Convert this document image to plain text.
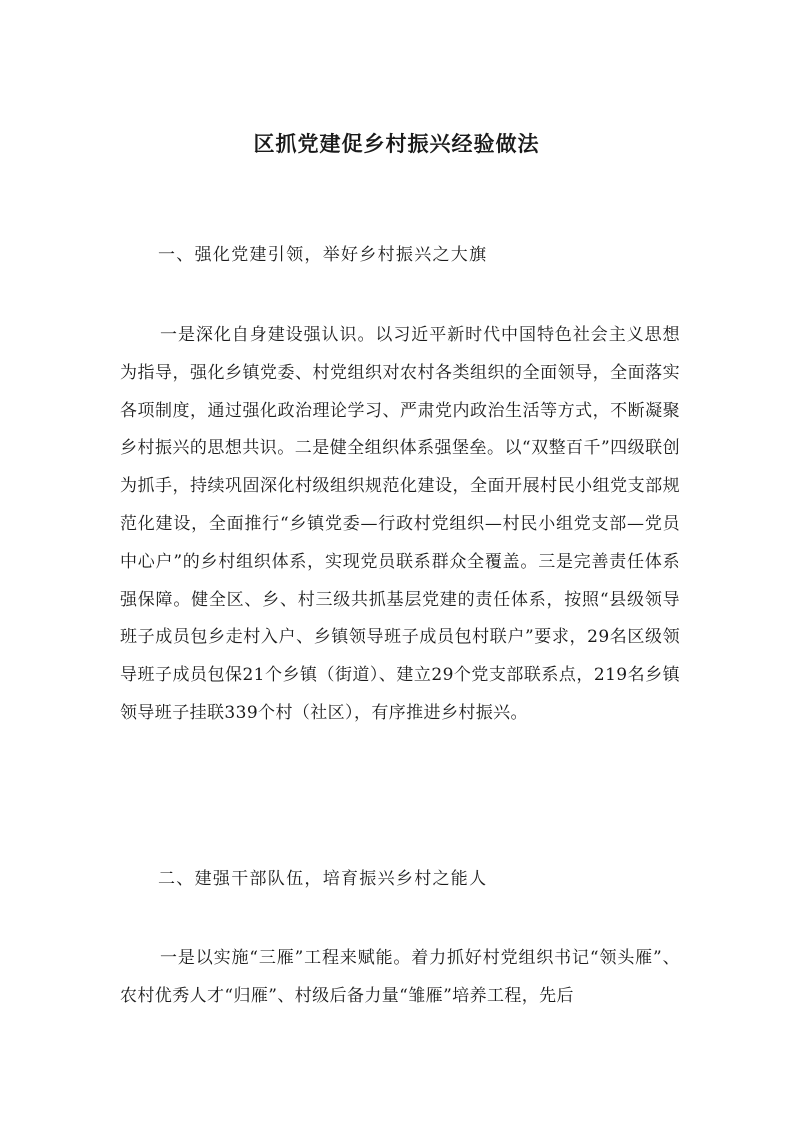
区抓党建促乡村振兴经验做法
一、强化党建引领，举好乡村振兴之大旗

一是深化自身建设强认识。以习近平新时代中国特色社会主义思想为指导，强化乡镇党委、村党组织对农村各类组织的全面领导，全面落实各项制度，通过强化政治理论学习、严肃党内政治生活等方式，不断凝聚乡村振兴的思想共识。二是健全组织体系强堡垒。以“双整百千”四级联创为抓手，持续巩固深化村级组织规范化建设，全面开展村民小组党支部规范化建设，全面推行“乡镇党委—行政村党组织—村民小组党支部—党员中心户”的乡村组织体系，实现党员联系群众全覆盖。三是完善责任体系强保障。健全区、乡、村三级共抓基层党建的责任体系，按照“县级领导班子成员包乡走村入户、乡镇领导班子成员包村联户”要求，29名区级领导班子成员包保21个乡镇（街道）、建立29个党支部联系点，219名乡镇领导班子挂联339个村（社区），有序推进乡村振兴。

二、建强干部队伍，培育振兴乡村之能人

一是以实施“三雁”工程来赋能。着力抓好村党组织书记“领头雁”、农村优秀人才“归雁”、村级后备力量“雏雁”培养工程，先后
